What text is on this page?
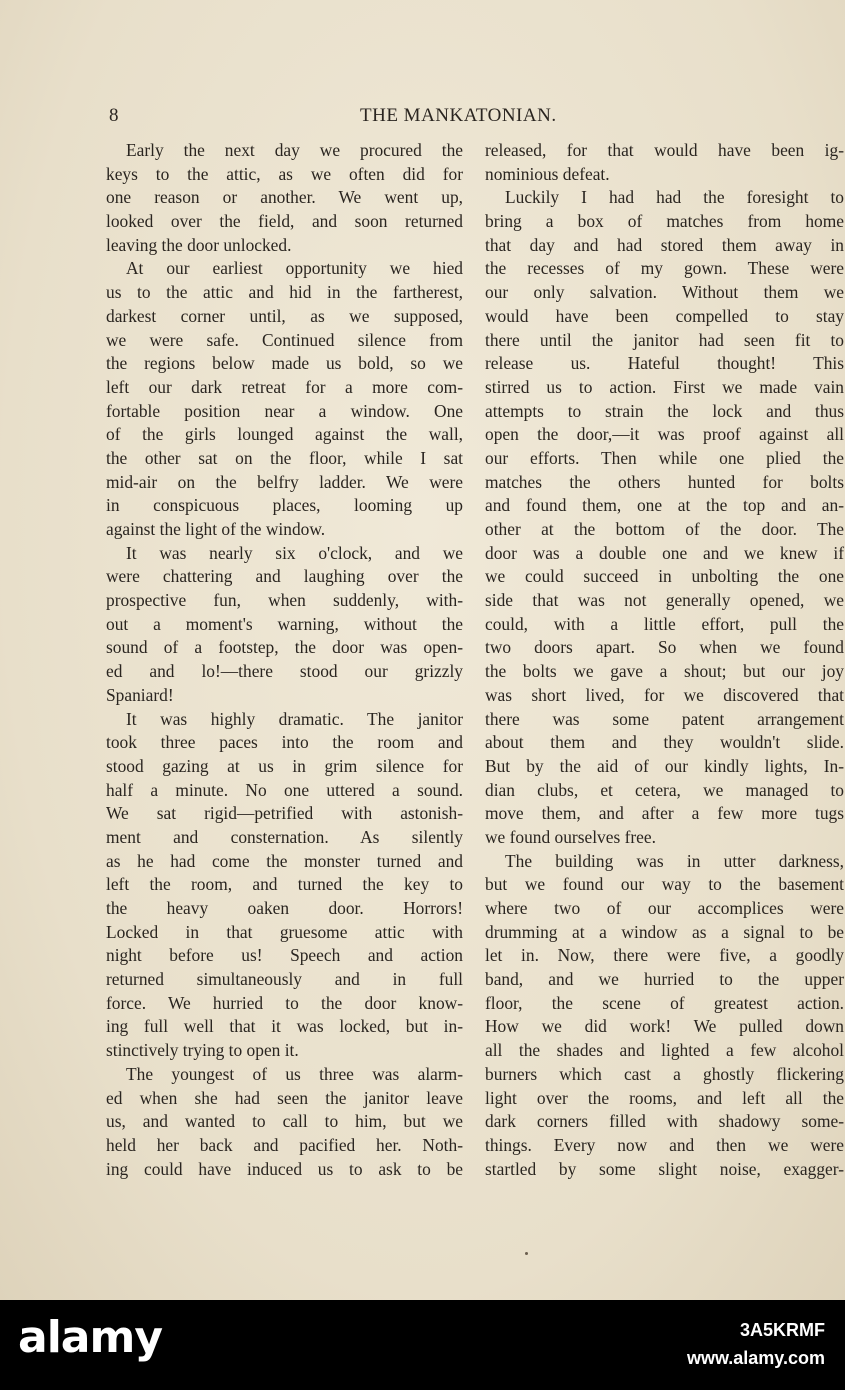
8	THE MANKATONIAN.
Early the next day we procured the
keys to the attic, as we often did for
one reason or another. We went up,
looked over the field, and soon returned
leaving the door unlocked.
At our earliest opportunity we hied
us to the attic and hid in the fartherest,
darkest corner until, as we supposed,
we were safe. Continued silence from
the regions below made us bold, so we
left our dark retreat for a more com-
fortable position near a window. One
of the girls lounged against the wall,
the other sat on the floor, while I sat
mid-air on the belfry ladder. We were
in conspicuous places, looming up
against the light of the window.
It was nearly six o'clock, and we
were chattering and laughing over the
prospective fun, when suddenly, with-
out a moment's warning, without the
sound of a footstep, the door was open-
ed and lo!—there stood our grizzly
Spaniard!
It was highly dramatic. The janitor
took three paces into the room and
stood gazing at us in grim silence for
half a minute. No one uttered a sound.
We sat rigid—petrified with astonish-
ment and consternation. As silently
as he had come the monster turned and
left the room, and turned the key to
the heavy oaken door. Horrors!
Locked in that gruesome attic with
night before us! Speech and action
returned simultaneously and in full
force. We hurried to the door know-
ing full well that it was locked, but in-
stinctively trying to open it.
The youngest of us three was alarm-
ed when she had seen the janitor leave
us, and wanted to call to him, but we
held her back and pacified her. Noth-
ing could have induced us to ask to be
released, for that would have been ig-
nominious defeat.
Luckily I had had the foresight to
bring a box of matches from home
that day and had stored them away in
the recesses of my gown. These were
our only salvation. Without them we
would have been compelled to stay
there until the janitor had seen fit to
release us. Hateful thought! This
stirred us to action. First we made vain
attempts to strain the lock and thus
open the door,—it was proof against all
our efforts. Then while one plied the
matches the others hunted for bolts
and found them, one at the top and an-
other at the bottom of the door. The
door was a double one and we knew if
we could succeed in unbolting the one
side that was not generally opened, we
could, with a little effort, pull the
two doors apart. So when we found
the bolts we gave a shout; but our joy
was short lived, for we discovered that
there was some patent arrangement
about them and they wouldn't slide.
But by the aid of our kindly lights, In-
dian clubs, et cetera, we managed to
move them, and after a few more tugs
we found ourselves free.
The building was in utter darkness,
but we found our way to the basement
where two of our accomplices were
drumming at a window as a signal to be
let in. Now, there were five, a goodly
band, and we hurried to the upper
floor, the scene of greatest action.
How we did work! We pulled down
all the shades and lighted a few alcohol
burners which cast a ghostly flickering
light over the rooms, and left all the
dark corners filled with shadowy some-
things. Every now and then we were
startled by some slight noise, exagger-
alamy	3A5KRMF
www.alamy.com
